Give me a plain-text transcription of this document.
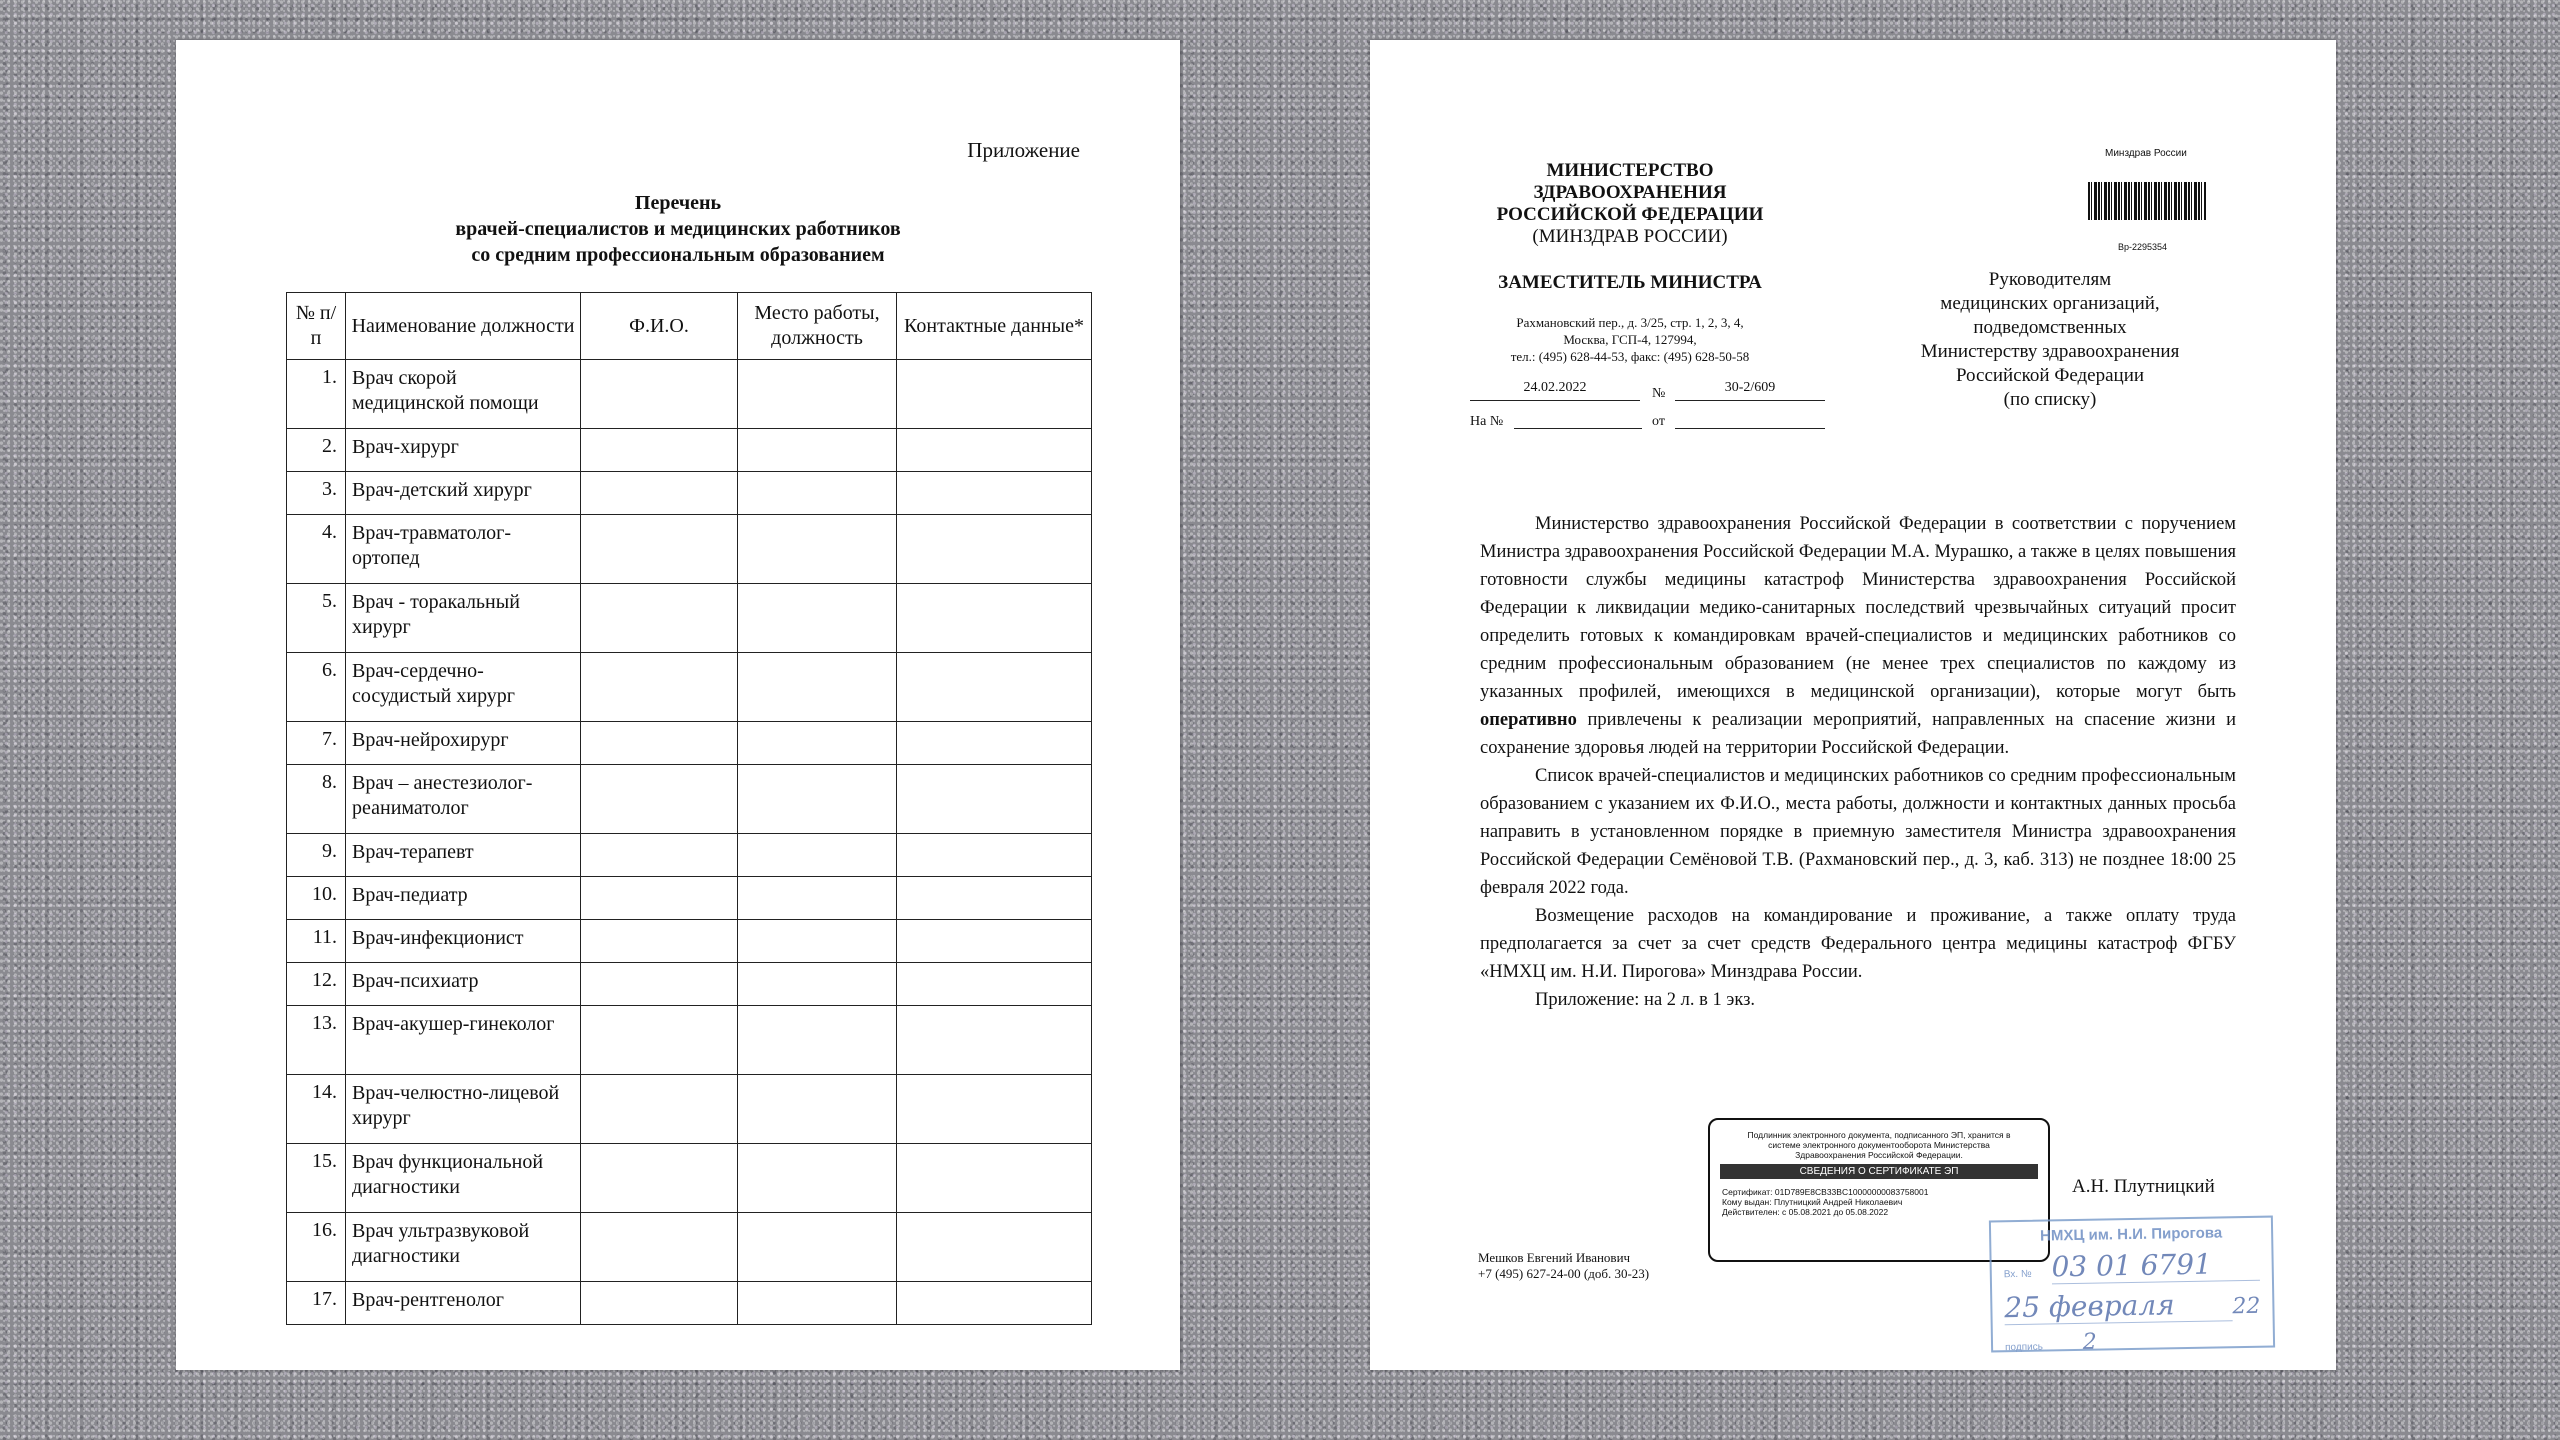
Приложение
Перечень
врачей-специалистов и медицинских работников
со средним профессиональным образованием
№ п/п	Наименование должности	Ф.И.О.	Место работы, должность	Контактные данные*
1.	Врач скорой медицинской помощи			
2.	Врач-хирург			
3.	Врач-детский хирург			
4.	Врач-травматолог-ортопед			
5.	Врач - торакальный хирург			
6.	Врач-сердечно-сосудистый хирург			
7.	Врач-нейрохирург			
8.	Врач – анестезиолог-реаниматолог			
9.	Врач-терапевт			
10.	Врач-педиатр			
11.	Врач-инфекционист			
12.	Врач-психиатр			
13.	Врач-акушер-гинеколог			
14.	Врач-челюстно-лицевой хирург			
15.	Врач функциональной диагностики			
16.	Врач ультразвуковой диагностики			
17.	Врач-рентгенолог			
МИНИСТЕРСТВО
ЗДРАВООХРАНЕНИЯ
РОССИЙСКОЙ ФЕДЕРАЦИИ
(МИНЗДРАВ РОССИИ)
ЗАМЕСТИТЕЛЬ МИНИСТРА
Рахмановский пер., д. 3/25, стр. 1, 2, 3, 4,
Москва, ГСП-4, 127994,
тел.: (495) 628-44-53, факс: (495) 628-50-58
24.02.2022	№	30-2/609
На №	от
Минздрав России
Вр-2295354
Руководителям
медицинских организаций,
подведомственных
Министерству здравоохранения
Российской Федерации
(по списку)

Министерство здравоохранения Российской Федерации в соответствии с поручением Министра здравоохранения Российской Федерации М.А. Мурашко, а также в целях повышения готовности службы медицины катастроф Министерства здравоохранения Российской Федерации к ликвидации медико-санитарных последствий чрезвычайных ситуаций просит определить готовых к командировкам врачей-специалистов и медицинских работников со средним профессиональным образованием (не менее трех специалистов по каждому из указанных профилей, имеющихся в медицинской организации), которые могут быть оперативно привлечены к реализации мероприятий, направленных на спасение жизни и сохранение здоровья людей на территории Российской Федерации.

Список врачей-специалистов и медицинских работников со средним профессиональным образованием с указанием их Ф.И.О., места работы, должности и контактных данных просьба направить в установленном порядке в приемную заместителя Министра здравоохранения Российской Федерации Семёновой Т.В. (Рахмановский пер., д. 3, каб. 313) не позднее 18:00 25 февраля 2022 года.

Возмещение расходов на командирование и проживание, а также оплату труда предполагается за счет за счет средств Федерального центра медицины катастроф ФГБУ «НМХЦ им. Н.И. Пирогова» Минздрава России.

Приложение: на 2 л. в 1 экз.

Подлинник электронного документа, подписанного ЭП, хранится в системе электронного документооборота Министерства Здравоохранения Российской Федерации.
СВЕДЕНИЯ О СЕРТИФИКАТЕ ЭП
Сертификат: 01D789E8CB33BC10000000083758001
Кому выдан: Плутницкий Андрей Николаевич
Действителен: с 05.08.2021 до 05.08.2022
А.Н. Плутницкий
Мешков Евгений Иванович
+7 (495) 627-24-00 (доб. 30-23)
НМХЦ им. Н.И. Пирогова
Вх. № 03 01 6791
25 февраля	22
подпись 2
